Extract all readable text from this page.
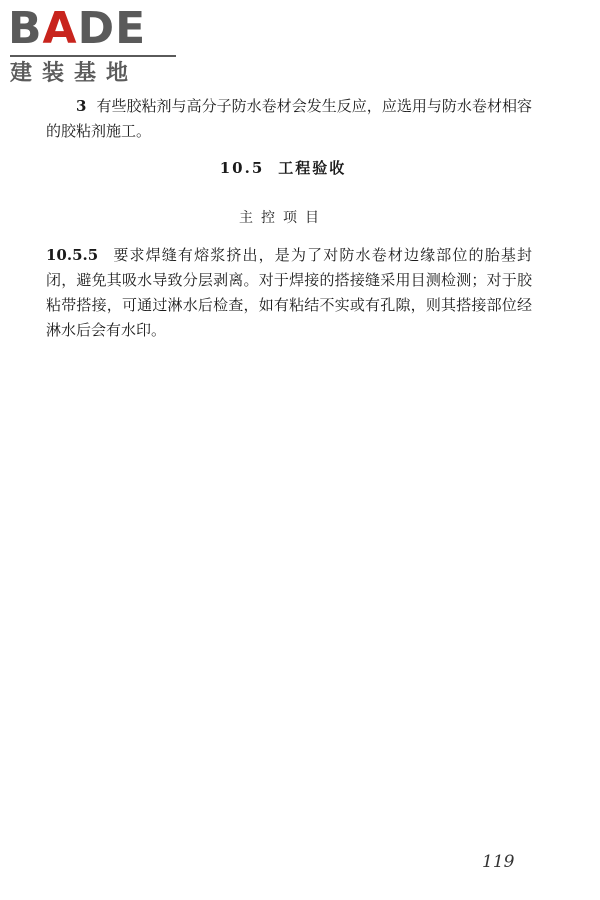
BADE
建装基地
3 有些胶粘剂与高分子防水卷材会发生反应，应选用与防水卷材相容的胶粘剂施工。
10.5 工程验收
主控项目
10.5.5 要求焊缝有熔浆挤出，是为了对防水卷材边缘部位的胎基封闭，避免其吸水导致分层剥离。对于焊接的搭接缝采用目测检测；对于胶粘带搭接，可通过淋水后检查，如有粘结不实或有孔隙，则其搭接部位经淋水后会有水印。
119
